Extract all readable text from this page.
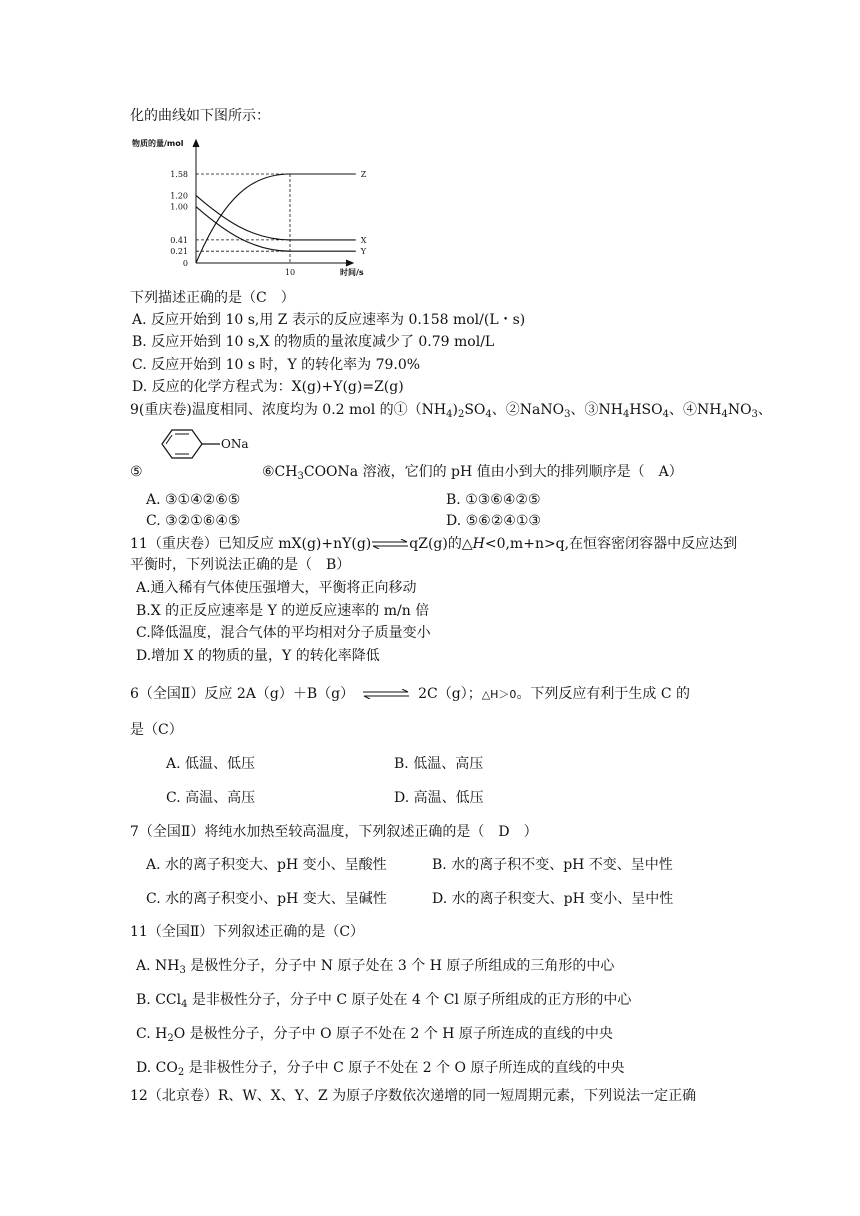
化的曲线如下图所示：
物质的量/mol
时间/s
1.58
1.20
1.00
0.41
0.21
0
10
Z
X
Y
下列描述正确的是（C　）
A. 反应开始到 10 s,用 Z 表示的反应速率为 0.158 mol/(L・s)
B. 反应开始到 10 s,X 的物质的量浓度减少了 0.79 mol/L
C. 反应开始到 10 s 时，Y 的转化率为 79.0%
D. 反应的化学方程式为：X(g)+Y(g)=Z(g)
9(重庆卷)温度相同、浓度均为 0.2 mol 的$①(NH_4)_2SO_4$、②NaNO$_3$、$③NH_4HSO_4$、$④NH_4NO_3$、
ONa
⑤	$⑥CH_3COONa$ 溶液，它们的 pH 值由小到大的排列顺序是（　A）
A. ③①④②⑥⑤	B. ①③⑥④②⑤
C. ③②①⑥④⑤	D. ⑤⑥②④①③
11（重庆卷）已知反应 mX(g)+nY(g)⇌qZ(g)的△H<0,m+n>q,在恒容密闭容器中反应达到
平衡时，下列说法正确的是（　B）
A.通入稀有气体使压强增大，平衡将正向移动
B.X 的正反应速率是 Y 的逆反应速率的 m/n 倍
C.降低温度，混合气体的平均相对分子质量变小
D.增加 X 的物质的量，Y 的转化率降低
6（全国Ⅱ）反应 2A（g）＋B（g） ⇌ 2C（g）；△H＞0。下列反应有利于生成 C 的
是（C）
A. 低温、低压	B. 低温、高压
C. 高温、高压	D. 高温、低压
7（全国Ⅱ）将纯水加热至较高温度，下列叙述正确的是（　D　）
A. 水的离子积变大、pH 变小、呈酸性	B. 水的离子积不变、pH 不变、呈中性
C. 水的离子积变小、pH 变大、呈碱性	D. 水的离子积变大、pH 变小、呈中性
11（全国Ⅱ）下列叙述正确的是（C）
A. $NH_3$ 是极性分子，分子中 N 原子处在 3 个 H 原子所组成的三角形的中心
B. CCl$_4$ 是非极性分子，分子中 C 原子处在 4 个 Cl 原子所组成的正方形的中心
C. $H_2O$ 是极性分子，分子中 O 原子不处在 2 个 H 原子所连成的直线的中央
D. $CO_2$ 是非极性分子，分子中 C 原子不处在 2 个 O 原子所连成的直线的中央
12（北京卷）R、W、X、Y、Z 为原子序数依次递增的同一短周期元素，下列说法一定正确
